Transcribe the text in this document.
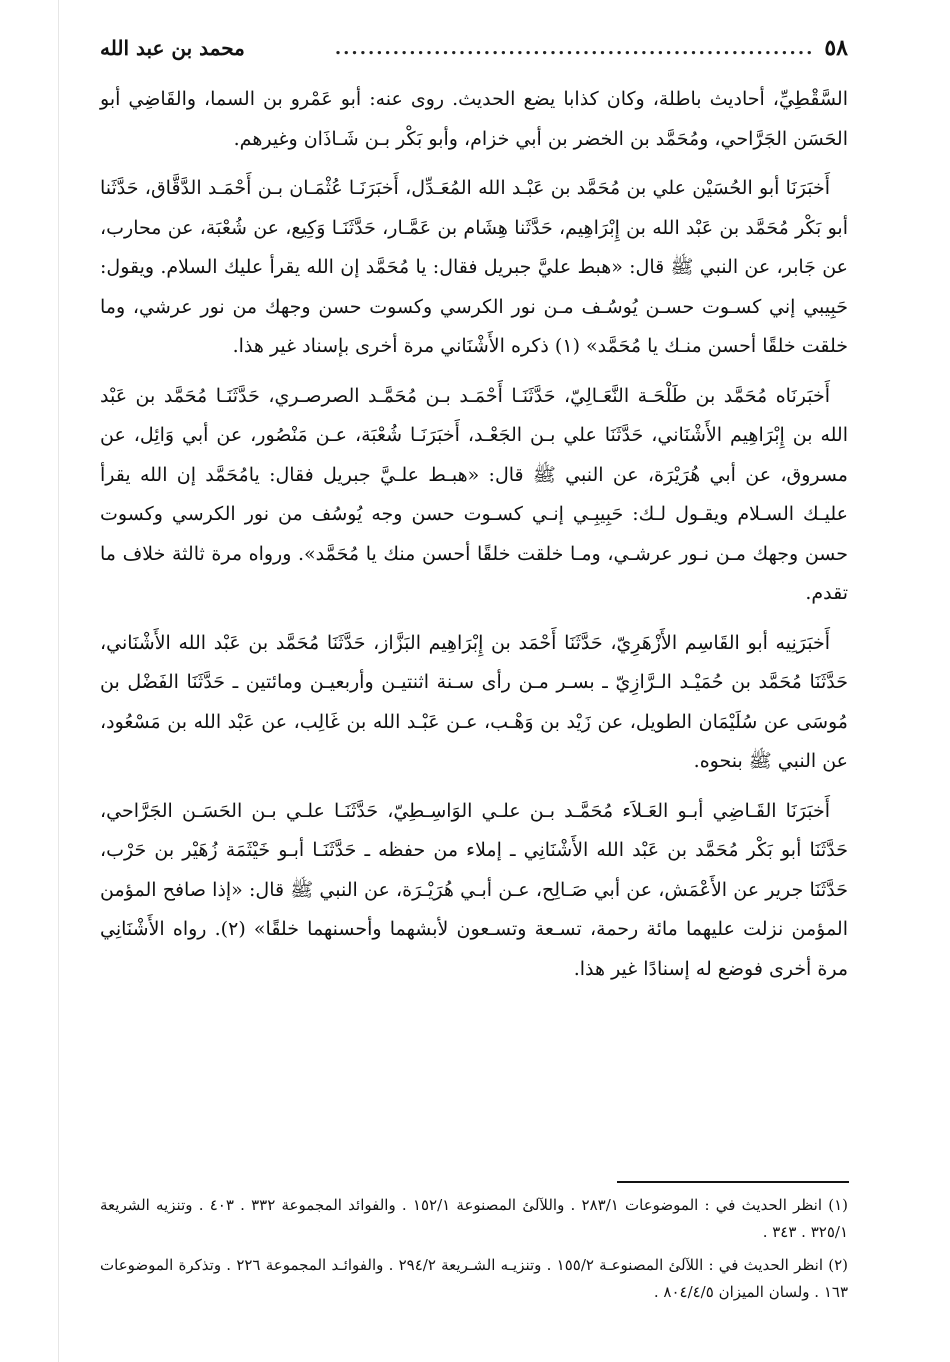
٥٨
..........................................................
محمد بن عبد الله

السَّقْطِيِّ، أحاديث باطلة، وكان كذابا يضع الحديث. روى عنه: أبو عَمْرو بن السما، والقَاضِي أبو الحَسَن الجَرَّاحي، ومُحَمَّد بن الخضر بن أبي خزام، وأبو بَكْر بـن شَـاذَان وغيرهم.

أَخبَرَنَا أبو الحُسَيْن علي بن مُحَمَّد بن عَبْـد الله المُعَـدِّل، أَخبَرَنَـا عُثْمَـان بـن أَحْمَـد الدَّقَّاق، حَدَّثَنا أبو بَكْر مُحَمَّد بن عَبْد الله بن إِبْرَاهِيم، حَدَّثَنا هِشَام بن عَمَّـار، حَدَّثَنَـا وَكِيع، عن شُعْبَة، عن محارب، عن جَابر، عن النبي ﷺ قال: «هبط عليَّ جبريل فقال: يا مُحَمَّد إن الله يقرأ عليك السلام. ويقول: حَبِيبي إني كسـوت حسـن يُوسُـف مـن نور الكرسي وكسوت حسن وجهك من نور عرشي، وما خلقت خلقًا أحسن منـك يا مُحَمَّد» (١) ذكره الأَشْنَاني مرة أخرى بإسناد غير هذا.

أَخبَرنَاه مُحَمَّد بن طَلْحَـة النَّعَـالِيّ، حَدَّثَنَـا أَحْمَـد بـن مُحَمَّـد الصرصـري، حَدَّثَنَـا مُحَمَّد بن عَبْد الله بن إِبْرَاهِيم الأَشْنَاني، حَدَّثَنَا علي بـن الجَعْـد، أَخبَرَنَـا شُعْبَة، عـن مَنْصُور، عن أبي وَائِل، عن مسروق، عن أبي هُرَيْرَة، عن النبي ﷺ قال: «هبـط علـيَّ جبريل فقال: يامُحَمَّد إن الله يقرأ عليـك السـلام ويقـول لـك: حَبِيبِـي إنـي كسـوت حسن وجه يُوسُف من نور الكرسي وكسوت حسن وجهك مـن نـور عرشـي، ومـا خلقت خلقًا أحسن منك يا مُحَمَّد». ورواه مرة ثالثة خلاف ما تقدم.

أَخبَرَنِيه أبو القَاسِم الأَزْهَرِيّ، حَدَّثَنَا أَحْمَد بن إِبْرَاهِيم البَزَّاز، حَدَّثَنَا مُحَمَّد بن عَبْد الله الأَشْنَاني، حَدَّثَنَا مُحَمَّد بن حُمَيْـد الـرَّازِيّ ـ بسـر مـن رأى سـنة اثنتيـن وأربعيـن ومائتين ـ حَدَّثَنَا الفَضْل بن مُوسَى عن سُلَيْمَان الطويل، عن زَيْد بن وَهْـب، عـن عَبْـد الله بن غَالِب، عن عَبْد الله بن مَسْعُود، عن النبي ﷺ بنحوه.

أَخبَرَنَا القَـاضِي أبـو العَـلاَء مُحَمَّـد بـن علـي الوَاسِـطِيّ، حَدَّثَنَـا علـي بـن الحَسَـن الجَرَّاحي، حَدَّثَنَا أبو بَكْر مُحَمَّد بن عَبْد الله الأَشْنَانِي ـ إملاء من حفظه ـ حَدَّثَنَـا أبـو خَيْثَمَة زُهَيْر بن حَرْب، حَدَّثَنَا جرير عن الأَعْمَش، عن أبي صَـالِح، عـن أبـي هُرَيْـرَة، عن النبي ﷺ قال: «إذا صافح المؤمن المؤمن نزلت عليهما مائة رحمة، تسـعة وتسـعون لأبشهما وأحسنهما خلقًا» (٢). رواه الأَشْنَانِي مرة أخرى فوضع له إسنادًا غير هذا.

(١) انظر الحديث في : الموضوعات ٢٨٣/١ . واللآلئ المصنوعة ١٥٢/١ . والفوائد المجموعة ٣٣٢ . ٤٠٣ . وتنزيه الشريعة ٣٢٥/١ . ٣٤٣ .

(٢) انظر الحديث في : اللآلئ المصنوعـة ١٥٥/٢ . وتنزيـه الشـريعة ٢٩٤/٢ . والفوائـد المجموعة ٢٢٦ . وتذكرة الموضوعات ١٦٣ . ولسان الميزان ٨٠٤/٤/٥ .
